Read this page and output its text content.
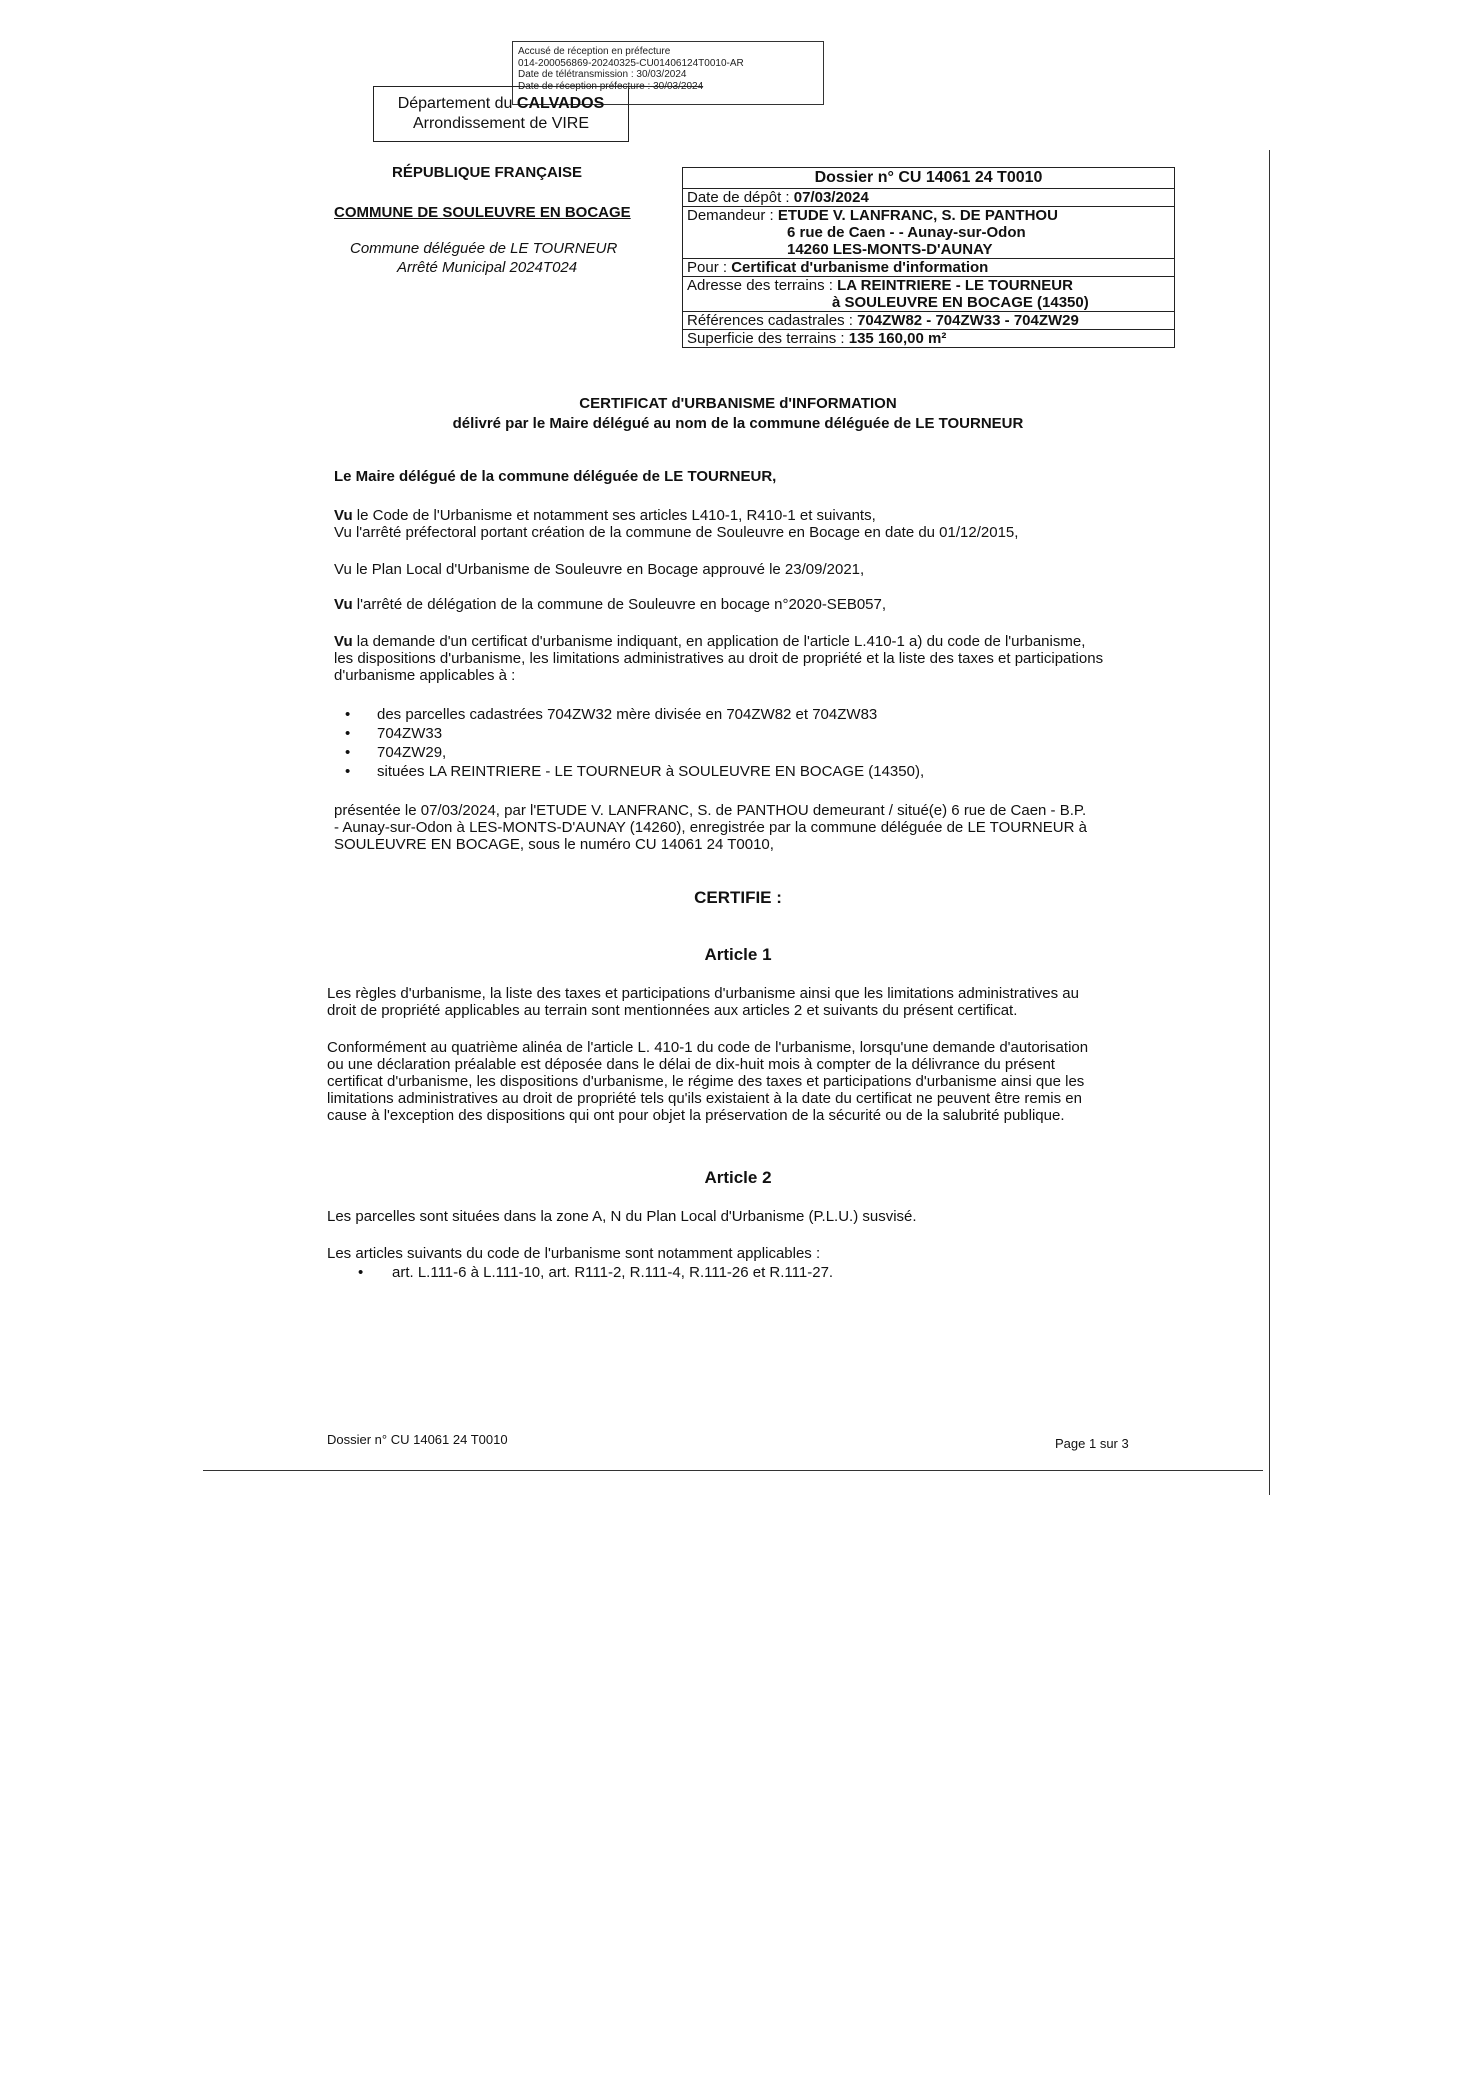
Accusé de réception en préfecture
014-200056869-20240325-CU01406124T0010-AR
Date de télétransmission : 30/03/2024
Date de réception préfecture : 30/03/2024
Département du CALVADOS
Arrondissement de VIRE
RÉPUBLIQUE FRANÇAISE
COMMUNE DE SOULEUVRE EN BOCAGE
Commune déléguée de LE TOURNEUR
Arrêté Municipal 2024T024
Dossier n° CU 14061 24 T0010
Date de dépôt : 07/03/2024
Demandeur : ETUDE V. LANFRANC, S. DE PANTHOU
6 rue de Caen - - Aunay-sur-Odon
14260 LES-MONTS-D'AUNAY
Pour : Certificat d'urbanisme d'information
Adresse des terrains : LA REINTRIERE - LE TOURNEUR
à SOULEUVRE EN BOCAGE (14350)
Références cadastrales : 704ZW82 - 704ZW33 - 704ZW29
Superficie des terrains : 135 160,00 m²
CERTIFICAT d'URBANISME d'INFORMATION
délivré par le Maire délégué au nom de la commune déléguée de LE TOURNEUR
Le Maire délégué de la commune déléguée de LE TOURNEUR,
Vu le Code de l'Urbanisme et notamment ses articles L410-1, R410-1 et suivants,
Vu l'arrêté préfectoral portant création de la commune de Souleuvre en Bocage en date du 01/12/2015,
Vu le Plan Local d'Urbanisme de Souleuvre en Bocage approuvé le 23/09/2021,
Vu l'arrêté de délégation de la commune de Souleuvre en bocage n°2020-SEB057,
Vu la demande d'un certificat d'urbanisme indiquant, en application de l'article L.410-1 a) du code de l'urbanisme,
les dispositions d'urbanisme, les limitations administratives au droit de propriété et la liste des taxes et participations
d'urbanisme applicables à :
• des parcelles cadastrées 704ZW32 mère divisée en 704ZW82 et 704ZW83
• 704ZW33
• 704ZW29,
• situées LA REINTRIERE - LE TOURNEUR à SOULEUVRE EN BOCAGE (14350),
présentée le 07/03/2024, par l'ETUDE V. LANFRANC, S. de PANTHOU demeurant / situé(e) 6 rue de Caen - B.P.
- Aunay-sur-Odon à LES-MONTS-D'AUNAY (14260), enregistrée par la commune déléguée de LE TOURNEUR à
SOULEUVRE EN BOCAGE, sous le numéro CU 14061 24 T0010,
CERTIFIE :
Article 1
Les règles d'urbanisme, la liste des taxes et participations d'urbanisme ainsi que les limitations administratives au
droit de propriété applicables au terrain sont mentionnées aux articles 2 et suivants du présent certificat.
Conformément au quatrième alinéa de l'article L. 410-1 du code de l'urbanisme, lorsqu'une demande d'autorisation
ou une déclaration préalable est déposée dans le délai de dix-huit mois à compter de la délivrance du présent
certificat d'urbanisme, les dispositions d'urbanisme, le régime des taxes et participations d'urbanisme ainsi que les
limitations administratives au droit de propriété tels qu'ils existaient à la date du certificat ne peuvent être remis en
cause à l'exception des dispositions qui ont pour objet la préservation de la sécurité ou de la salubrité publique.
Article 2
Les parcelles sont situées dans la zone A, N du Plan Local d'Urbanisme (P.L.U.) susvisé.
Les articles suivants du code de l'urbanisme sont notamment applicables :
• art. L.111-6 à L.111-10, art. R111-2, R.111-4, R.111-26 et R.111-27.
Dossier n° CU 14061 24 T0010	Page 1 sur 3
